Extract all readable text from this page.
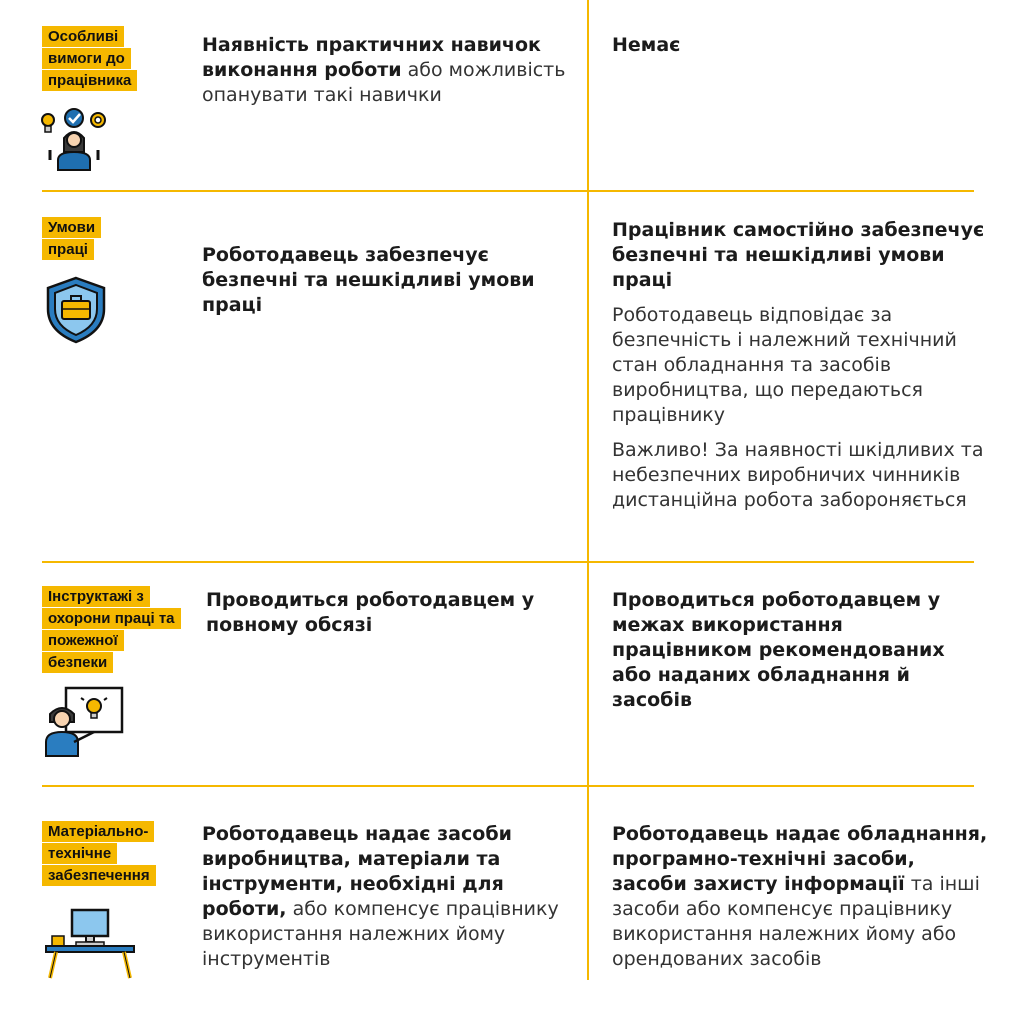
Особливі вимоги до працівника

Наявність практичних навичок виконання роботи або можливість опанувати такі навички

Немає

Умови праці	Роботодавець забезпечує безпечні та нешкідливі умови праці

Працівник самостійно забезпечує безпечні та нешкідливі умови праці

Роботодавець відповідає за безпечність і належний технічний стан обладнання та засобів виробництва, що передаються працівнику

Важливо! За наявності шкідливих та небезпечних виробничих чинників дистанційна робота забороняється

Інструктажі з охорони праці та пожежної безпеки

Проводиться роботодавцем у повному обсязі

Проводиться роботодавцем у межах використання працівником рекомендованих або наданих обладнання й засобів

Матеріально-технічне забезпечення

Роботодавець надає засоби виробництва, матеріали та інструменти, необхідні для роботи, або компенсує працівнику використання належних йому інструментів

Роботодавець надає обладнання, програмно-технічні засоби, засоби захисту інформації та інші засоби або компенсує працівнику використання належних йому або орендованих засобів
